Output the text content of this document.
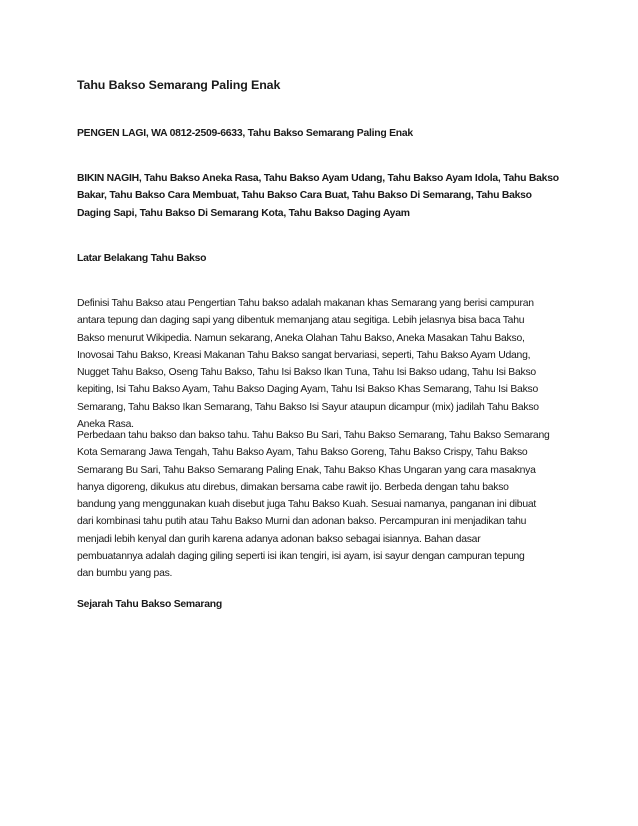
Tahu Bakso Semarang Paling Enak
PENGEN LAGI, WA 0812-2509-6633, Tahu Bakso Semarang Paling Enak

BIKIN NAGIH, Tahu Bakso Aneka Rasa, Tahu Bakso Ayam Udang, Tahu Bakso Ayam Idola, Tahu Bakso

Bakar, Tahu Bakso Cara Membuat, Tahu Bakso Cara Buat, Tahu Bakso Di Semarang, Tahu Bakso

Daging Sapi, Tahu Bakso Di Semarang Kota, Tahu Bakso Daging Ayam

Latar Belakang Tahu Bakso

Definisi Tahu Bakso atau Pengertian Tahu bakso adalah makanan khas Semarang yang berisi campuran

antara tepung dan daging sapi yang dibentuk memanjang atau segitiga. Lebih jelasnya bisa baca Tahu

Bakso menurut Wikipedia. Namun sekarang, Aneka Olahan Tahu Bakso, Aneka Masakan Tahu Bakso,

Inovosai Tahu Bakso, Kreasi Makanan Tahu Bakso sangat bervariasi, seperti, Tahu Bakso Ayam Udang,

Nugget Tahu Bakso, Oseng Tahu Bakso, Tahu Isi Bakso Ikan Tuna, Tahu Isi Bakso udang, Tahu Isi Bakso

kepiting, Isi Tahu Bakso Ayam, Tahu Bakso Daging Ayam, Tahu Isi Bakso Khas Semarang, Tahu Isi Bakso

Semarang, Tahu Bakso Ikan Semarang, Tahu Bakso Isi Sayur ataupun dicampur (mix) jadilah Tahu Bakso

Aneka Rasa.

Perbedaan tahu bakso dan bakso tahu. Tahu Bakso Bu Sari, Tahu Bakso Semarang, Tahu Bakso Semarang

Kota Semarang Jawa Tengah, Tahu Bakso Ayam, Tahu Bakso Goreng, Tahu Bakso Crispy, Tahu Bakso

Semarang Bu Sari, Tahu Bakso Semarang Paling Enak, Tahu Bakso Khas Ungaran yang cara masaknya

hanya digoreng, dikukus atu direbus, dimakan bersama cabe rawit ijo. Berbeda dengan tahu bakso

bandung yang menggunakan kuah disebut juga Tahu Bakso Kuah. Sesuai namanya, panganan ini dibuat

dari kombinasi tahu putih atau Tahu Bakso Murni dan adonan bakso. Percampuran ini menjadikan tahu

menjadi lebih kenyal dan gurih karena adanya adonan bakso sebagai isiannya. Bahan dasar

pembuatannya adalah daging giling seperti isi ikan tengiri, isi ayam, isi sayur dengan campuran tepung

dan bumbu yang pas.

Sejarah Tahu Bakso Semarang
